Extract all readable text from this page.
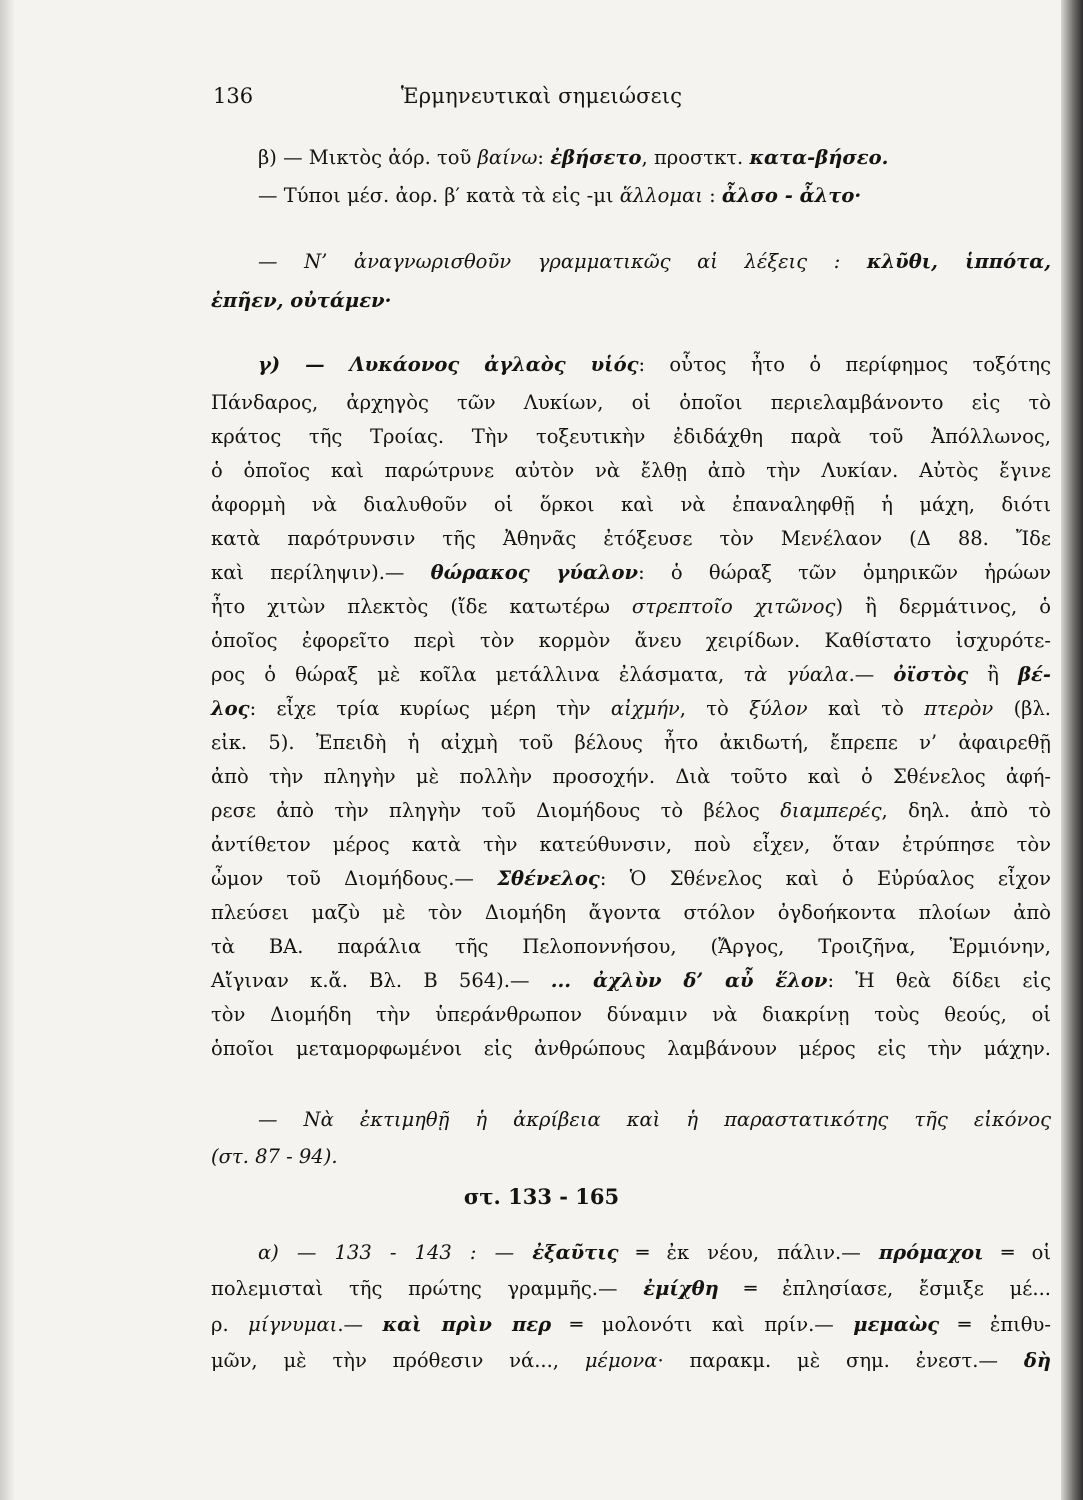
136	Ἑρμηνευτικαὶ σημειώσεις
β) — Μικτὸς ἀόρ. τοῦ βαίνω: ἐβήσετο, προστκτ. κατα-βήσεο.
— Τύποι μέσ. ἀορ. β′ κατὰ τὰ εἰς -μι ἅλλομαι : ἆλσο - ἆλτο·
— Ν’ ἀναγνωρισθοῦν γραμματικῶς αἱ λέξεις : κλῦθι, ἱππότα,
ἐπῆεν, οὐτάμεν·
γ) — Λυκάονος ἀγλαὸς υἱός: οὗτος ἦτο ὁ περίφημος τοξότης
Πάνδαρος, ἀρχηγὸς τῶν Λυκίων, οἱ ὁποῖοι περιελαμβάνοντο εἰς τὸ
κράτος τῆς Τροίας. Τὴν τοξευτικὴν ἐδιδάχθη παρὰ τοῦ Ἀπόλλωνος,
ὁ ὁποῖος καὶ παρώτρυνε αὐτὸν νὰ ἔλθῃ ἀπὸ τὴν Λυκίαν. Αὐτὸς ἔγινε
ἀφορμὴ νὰ διαλυθοῦν οἱ ὅρκοι καὶ νὰ ἐπαναληφθῇ ἡ μάχη, διότι
κατὰ παρότρυνσιν τῆς Ἀθηνᾶς ἐτόξευσε τὸν Μενέλαον (Δ 88. Ἴδε
καὶ περίληψιν).— θώρακος γύαλον: ὁ θώραξ τῶν ὁμηρικῶν ἡρώων
ἦτο χιτὼν πλεκτὸς (ἴδε κατωτέρω στρεπτοῖο χιτῶνος) ἢ δερμάτινος, ὁ
ὁποῖος ἐφορεῖτο περὶ τὸν κορμὸν ἄνευ χειρίδων. Καθίστατο ἰσχυρότε-
ρος ὁ θώραξ μὲ κοῖλα μετάλλινα ἐλάσματα, τὰ γύαλα.— ὀϊστὸς ἢ βέ-
λος: εἶχε τρία κυρίως μέρη τὴν αἰχμήν, τὸ ξύλον καὶ τὸ πτερὸν (βλ.
εἰκ. 5). Ἐπειδὴ ἡ αἰχμὴ τοῦ βέλους ἦτο ἀκιδωτή, ἔπρεπε ν’ ἀφαιρεθῇ
ἀπὸ τὴν πληγὴν μὲ πολλὴν προσοχήν. Διὰ τοῦτο καὶ ὁ Σθένελος ἀφή-
ρεσε ἀπὸ τὴν πληγὴν τοῦ Διομήδους τὸ βέλος διαμπερές, δηλ. ἀπὸ τὸ
ἀντίθετον μέρος κατὰ τὴν κατεύθυνσιν, ποὺ εἶχεν, ὅταν ἐτρύπησε τὸν
ὦμον τοῦ Διομήδους.— Σθένελος: Ὁ Σθένελος καὶ ὁ Εὐρύαλος εἶχον
πλεύσει μαζὺ μὲ τὸν Διομήδη ἄγοντα στόλον ὀγδοήκοντα πλοίων ἀπὸ
τὰ ΒΑ. παράλια τῆς Πελοποννήσου, (Ἄργος, Τροιζῆνα, Ἑρμιόνην,
Αἴγιναν κ.ἄ. Βλ. Β 564).— ... ἀχλὺν δ’ αὖ ἕλον: Ἡ θεὰ δίδει εἰς
τὸν Διομήδη τὴν ὑπεράνθρωπον δύναμιν νὰ διακρίνῃ τοὺς θεούς, οἱ
ὁποῖοι μεταμορφωμένοι εἰς ἀνθρώπους λαμβάνουν μέρος εἰς τὴν μάχην.
— Νὰ ἐκτιμηθῇ ἡ ἀκρίβεια καὶ ἡ παραστατικότης τῆς εἰκόνος
(στ. 87 - 94).
στ. 133 - 165
α) — 133 - 143 : — ἐξαῦτις ═ ἐκ νέου, πάλιν.— πρόμαχοι ═ οἱ
πολεμισταὶ τῆς πρώτης γραμμῆς.— ἐμίχθη ═ ἐπλησίασε, ἔσμιξε μέ...
ρ. μίγνυμαι.— καὶ πρὶν περ ═ μολονότι καὶ πρίν.— μεμαὼς ═ ἐπιθυ-
μῶν, μὲ τὴν πρόθεσιν νά..., μέμονα· παρακμ. μὲ σημ. ἐνεστ.— δὴ
